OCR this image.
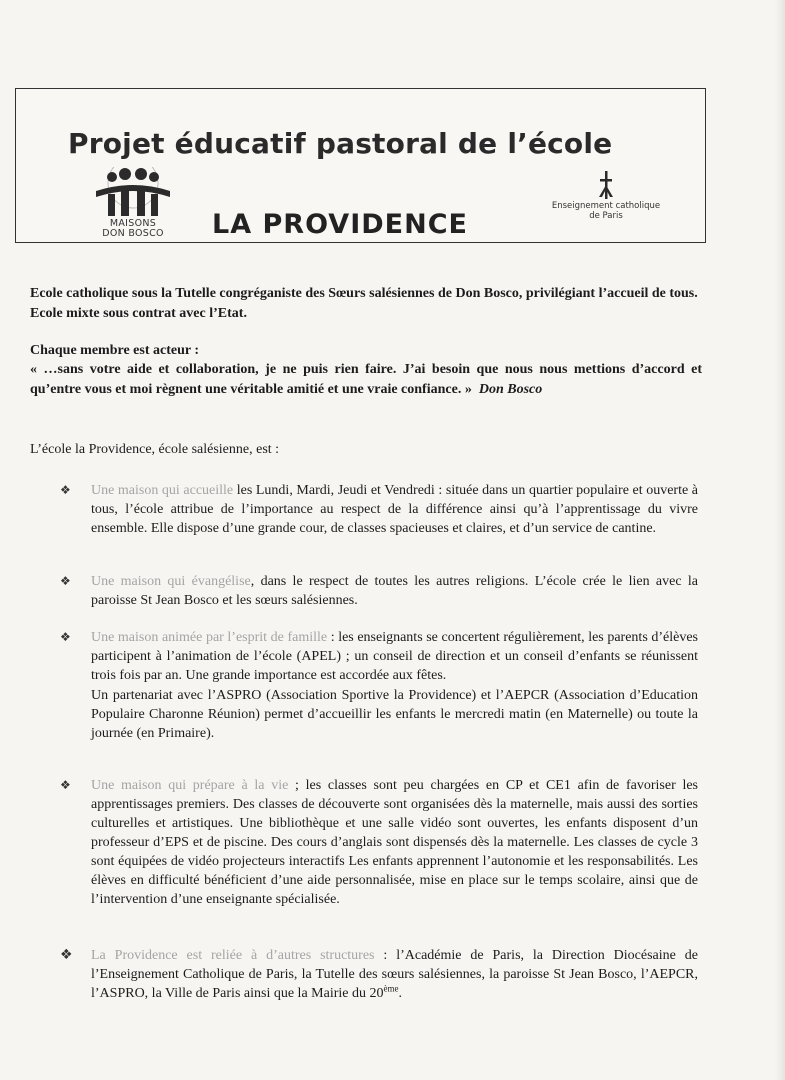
Projet éducatif pastoral de l’école
MAISONS
DON BOSCO	LA PROVIDENCE
Enseignement catholique
de Paris
Ecole catholique sous la Tutelle congréganiste des Sœurs salésiennes de Don Bosco, privilégiant l’accueil de tous. Ecole mixte sous contrat avec l’Etat.
Chaque membre est acteur :
« …sans votre aide et collaboration, je ne puis rien faire. J’ai besoin que nous nous mettions d’accord et qu’entre vous et moi règnent une véritable amitié et une vraie confiance. » Don Bosco
L’école la Providence, école salésienne, est :
❖ Une maison qui accueille les Lundi, Mardi, Jeudi et Vendredi : située dans un quartier populaire et ouverte à tous, l’école attribue de l’importance au respect de la différence ainsi qu’à l’apprentissage du vivre ensemble. Elle dispose d’une grande cour, de classes spacieuses et claires, et d’un service de cantine.
❖ Une maison qui évangélise, dans le respect de toutes les autres religions. L’école crée le lien avec la paroisse St Jean Bosco et les sœurs salésiennes.
❖ Une maison animée par l’esprit de famille : les enseignants se concertent régulièrement, les parents d’élèves participent à l’animation de l’école (APEL) ; un conseil de direction et un conseil d’enfants se réunissent trois fois par an. Une grande importance est accordée aux fêtes.
Un partenariat avec l’ASPRO (Association Sportive la Providence) et l’AEPCR (Association d’Education Populaire Charonne Réunion) permet d’accueillir les enfants le mercredi matin (en Maternelle) ou toute la journée (en Primaire).
❖ Une maison qui prépare à la vie ; les classes sont peu chargées en CP et CE1 afin de favoriser les apprentissages premiers. Des classes de découverte sont organisées dès la maternelle, mais aussi des sorties culturelles et artistiques. Une bibliothèque et une salle vidéo sont ouvertes, les enfants disposent d’un professeur d’EPS et de piscine. Des cours d’anglais sont dispensés dès la maternelle. Les classes de cycle 3 sont équipées de vidéo projecteurs interactifs Les enfants apprennent l’autonomie et les responsabilités. Les élèves en difficulté bénéficient d’une aide personnalisée, mise en place sur le temps scolaire, ainsi que de l’intervention d’une enseignante spécialisée.
❖ La Providence est reliée à d’autres structures : l’Académie de Paris, la Direction Diocésaine de l’Enseignement Catholique de Paris, la Tutelle des sœurs salésiennes, la paroisse St Jean Bosco, l’AEPCR, l’ASPRO, la Ville de Paris ainsi que la Mairie du 20ème.
